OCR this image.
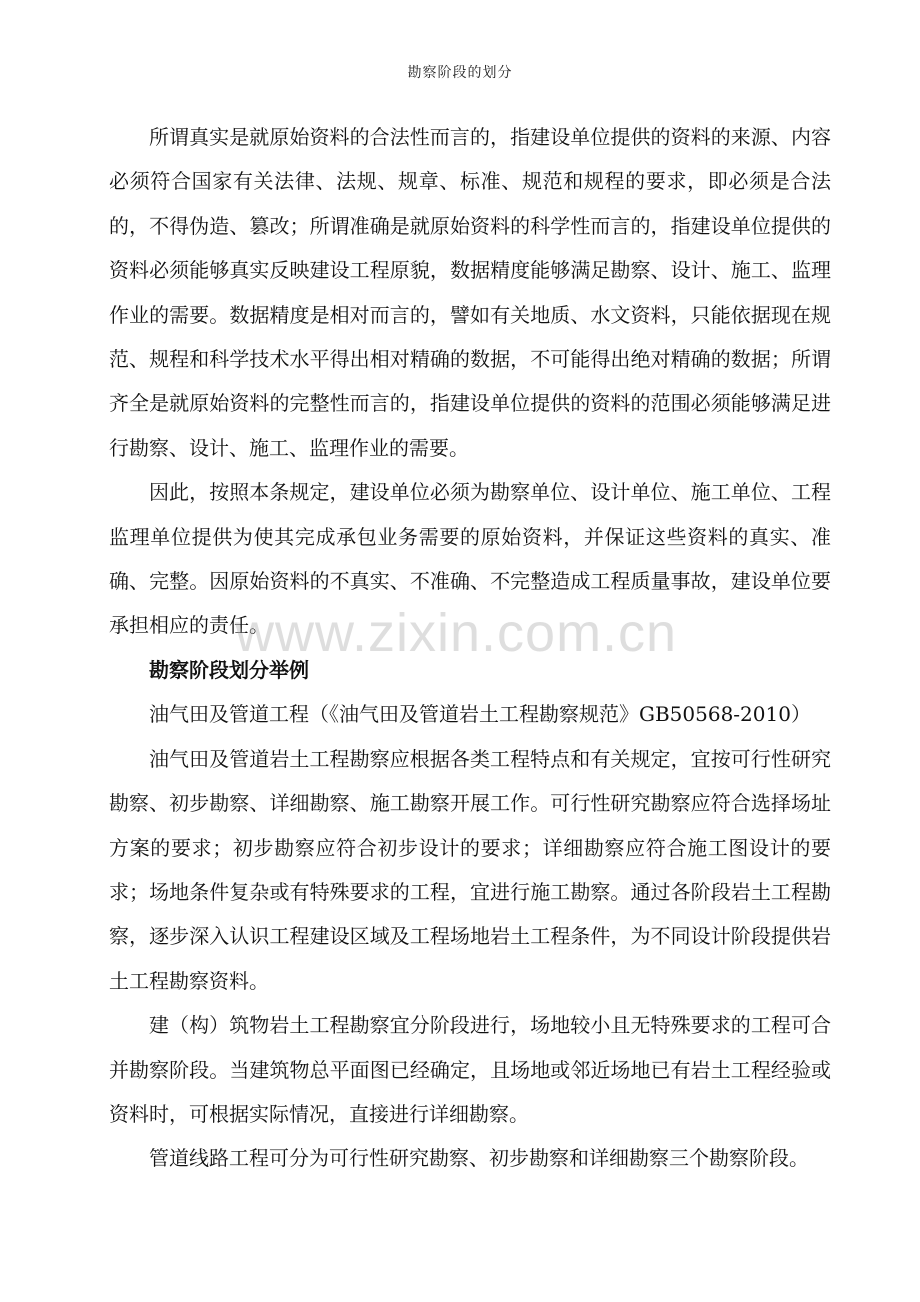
勘察阶段的划分

所谓真实是就原始资料的合法性而言的，指建设单位提供的资料的来源、内容必须符合国家有关法律、法规、规章、标准、规范和规程的要求，即必须是合法的，不得伪造、篡改；所谓准确是就原始资料的科学性而言的，指建设单位提供的资料必须能够真实反映建设工程原貌，数据精度能够满足勘察、设计、施工、监理作业的需要。数据精度是相对而言的，譬如有关地质、水文资料，只能依据现在规范、规程和科学技术水平得出相对精确的数据，不可能得出绝对精确的数据；所谓齐全是就原始资料的完整性而言的，指建设单位提供的资料的范围必须能够满足进行勘察、设计、施工、监理作业的需要。

因此，按照本条规定，建设单位必须为勘察单位、设计单位、施工单位、工程监理单位提供为使其完成承包业务需要的原始资料，并保证这些资料的真实、准确、完整。因原始资料的不真实、不准确、不完整造成工程质量事故，建设单位要承担相应的责任。

勘察阶段划分举例

油气田及管道工程（《油气田及管道岩土工程勘察规范》GB50568-2010）

油气田及管道岩土工程勘察应根据各类工程特点和有关规定，宜按可行性研究勘察、初步勘察、详细勘察、施工勘察开展工作。可行性研究勘察应符合选择场址方案的要求；初步勘察应符合初步设计的要求；详细勘察应符合施工图设计的要求；场地条件复杂或有特殊要求的工程，宜进行施工勘察。通过各阶段岩土工程勘察，逐步深入认识工程建设区域及工程场地岩土工程条件，为不同设计阶段提供岩土工程勘察资料。

建（构）筑物岩土工程勘察宜分阶段进行，场地较小且无特殊要求的工程可合并勘察阶段。当建筑物总平面图已经确定，且场地或邻近场地已有岩土工程经验或资料时，可根据实际情况，直接进行详细勘察。

管道线路工程可分为可行性研究勘察、初步勘察和详细勘察三个勘察阶段。

www.zixin.com.cn
